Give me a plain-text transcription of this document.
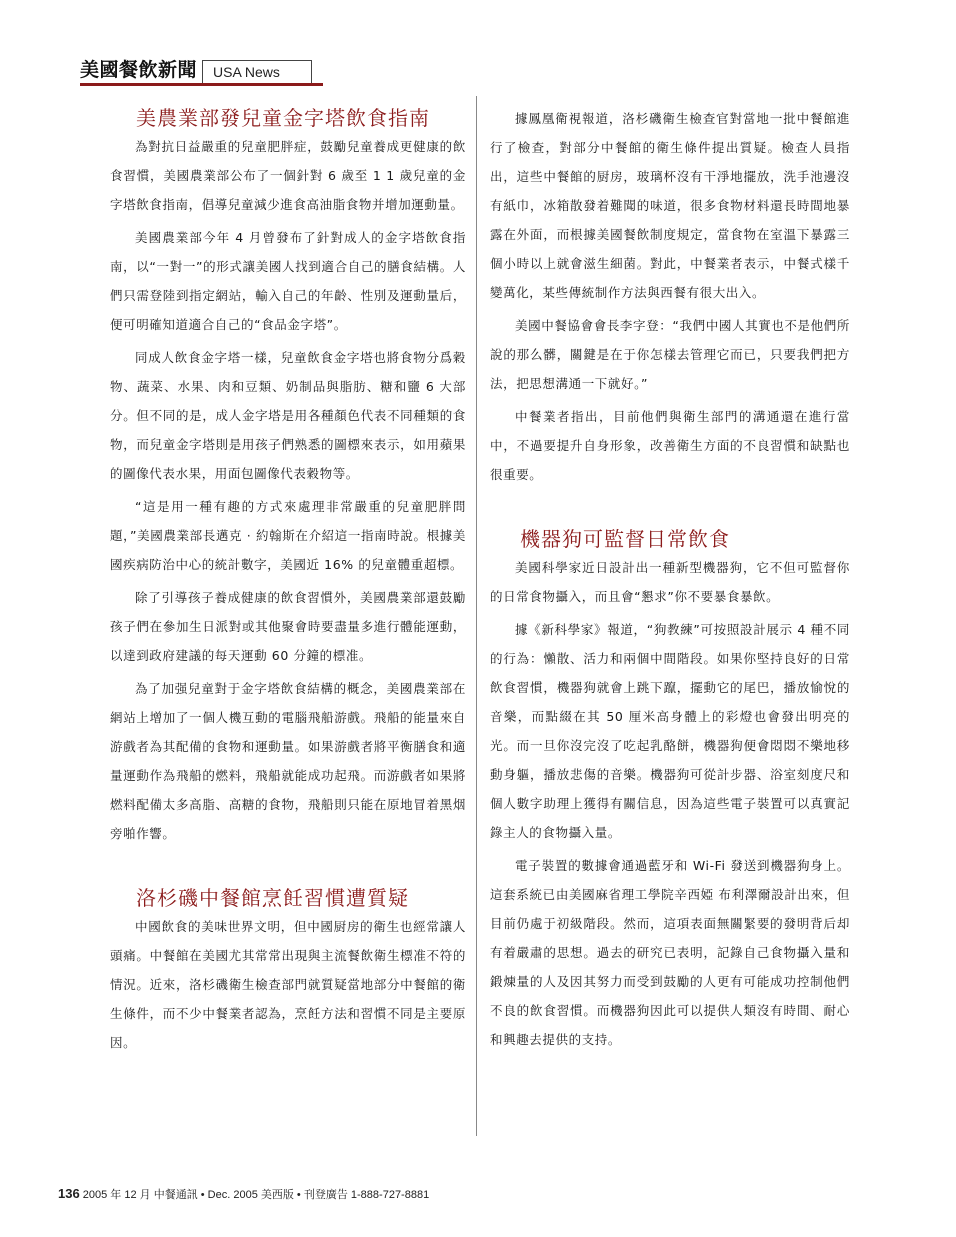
美國餐飲新聞 USA News
美農業部發兒童金字塔飲食指南

為對抗日益嚴重的兒童肥胖症，鼓勵兒童養成更健康的飲食習慣，美國農業部公布了一個針對 6 歲至 1 1 歲兒童的金字塔飲食指南，倡導兒童減少進食高油脂食物并增加運動量。

美國農業部今年 4 月曾發布了針對成人的金字塔飲食指南，以“一對一”的形式讓美國人找到適合自己的膳食結構。人們只需登陸到指定網站，輸入自己的年齡、性別及運動量后，便可明確知道適合自己的“食品金字塔”。

同成人飲食金字塔一樣，兒童飲食金字塔也將食物分爲穀物、蔬菜、水果、肉和豆類、奶制品與脂肪、糖和鹽 6 大部分。但不同的是，成人金字塔是用各種顏色代表不同種類的食物，而兒童金字塔則是用孩子們熟悉的圖標來表示，如用蘋果的圖像代表水果，用面包圖像代表穀物等。

“這是用一種有趣的方式來處理非常嚴重的兒童肥胖問題，”美國農業部長邁克 · 約翰斯在介紹這一指南時說。根據美國疾病防治中心的統計數字，美國近 16% 的兒童體重超標。

除了引導孩子養成健康的飲食習慣外，美國農業部還鼓勵孩子們在參加生日派對或其他聚會時要盡量多進行體能運動，以達到政府建議的每天運動 60 分鐘的標准。

為了加强兒童對于金字塔飲食結構的概念，美國農業部在網站上增加了一個人機互動的電腦飛船游戲。飛船的能量來自游戲者為其配備的食物和運動量。如果游戲者將平衡膳食和適量運動作為飛船的燃料，飛船就能成功起飛。而游戲者如果將燃料配備太多高脂、高糖的食物，飛船則只能在原地冒着黑烟旁啪作響。

洛杉磯中餐館烹飪習慣遭質疑

中國飲食的美味世界文明，但中國厨房的衛生也經常讓人頭痛。中餐館在美國尤其常常出現與主流餐飲衛生標准不符的情況。近來，洛杉磯衛生檢查部門就質疑當地部分中餐館的衛生條件，而不少中餐業者認為，烹飪方法和習慣不同是主要原因。

據鳳凰衛視報道，洛杉磯衛生檢查官對當地一批中餐館進行了檢查，對部分中餐館的衛生條件提出質疑。檢查人員指出，這些中餐館的厨房，玻璃杯沒有干淨地擺放，洗手池邊沒有紙巾，冰箱散發着難聞的味道，很多食物材料還長時間地暴露在外面，而根據美國餐飲制度規定，當食物在室溫下暴露三個小時以上就會滋生細菌。對此，中餐業者表示，中餐式樣千變萬化，某些傳統制作方法與西餐有很大出入。

美國中餐協會會長李字登：“我們中國人其實也不是他們所說的那么髒，關鍵是在于你怎樣去管理它而已，只要我們把方法，把思想溝通一下就好。”

中餐業者指出，目前他們與衛生部門的溝通還在進行當中，不過要提升自身形象，改善衛生方面的不良習慣和缺點也很重要。

機器狗可監督日常飲食

美國科學家近日設計出一種新型機器狗，它不但可監督你的日常食物攝入，而且會“懇求”你不要暴食暴飲。

據《新科學家》報道，“狗教練”可按照設計展示 4 種不同的行為：懶散、活力和兩個中間階段。如果你堅持良好的日常飲食習慣，機器狗就會上跳下躥，擺動它的尾巴，播放愉悅的音樂，而點綴在其 50 厘米高身體上的彩燈也會發出明亮的光。而一旦你沒完沒了吃起乳酪餅，機器狗便會悶悶不樂地移動身軀，播放悲傷的音樂。機器狗可從計步器、浴室刻度尺和個人數字助理上獲得有關信息，因為這些電子裝置可以真實記錄主人的食物攝入量。

電子裝置的數據會通過藍牙和 Wi-Fi 發送到機器狗身上。這套系統已由美國麻省理工學院辛西婭 布利澤爾設計出來，但目前仍處于初級階段。然而，這項表面無關緊要的發明背后却有着嚴肅的思想。過去的研究已表明，記錄自己食物攝入量和鍛煉量的人及因其努力而受到鼓勵的人更有可能成功控制他們不良的飲食習慣。而機器狗因此可以提供人類沒有時間、耐心和興趣去提供的支持。

136 2005 年 12 月 中餐通訊 • Dec. 2005 美西版 • 刊登廣告 1-888-727-8881
